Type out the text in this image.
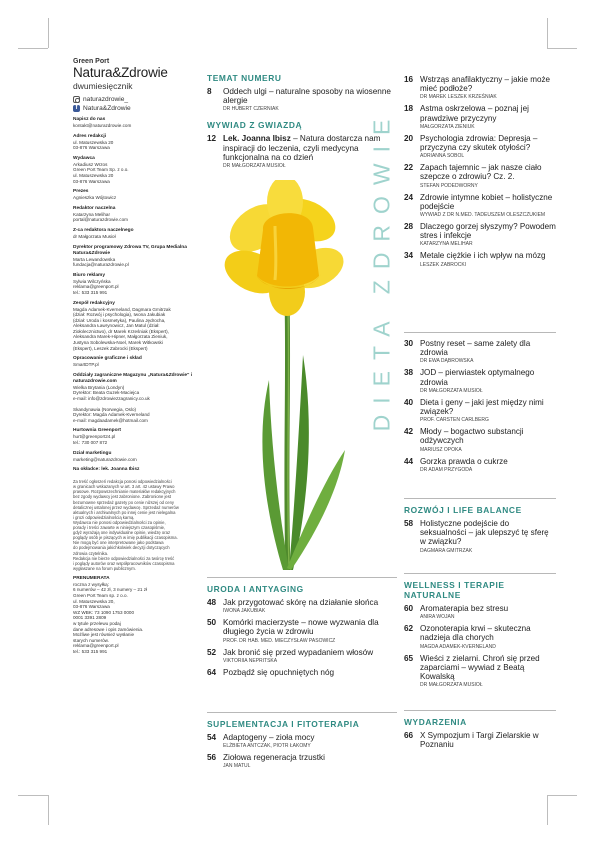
Green Port
Natura&Zdrowie
dwumiesięcznik
naturazdrowie_
f Natura&Zdrowie
Napisz do nas
kontakt@naturazdrowie.com
Adres redakcji
ul. Matuszewska 20
03-876 Warszawa
Wydawca
Arkadiusz Wrzos
Green Port Team Sp. z o.o.
ul. Matuszewska 20
03-876 Warszawa
Prezes
Agnieszka Wójtowicz
Redaktor naczelna
Katarzyna Melihar
portal@naturazdrowie.com
Z-ca redaktora naczelnego
dr Małgorzata Musioł
Dyrektor programowy Zdrowa TV, Grupa Medialna Natura&Zdrowie
Marta Lewandowska
fundacja@naturazdrowie.pl
Biuro reklamy
Sylwia Wilczyńska
reklama@greenport.pl
tel.: 533 315 991
Zespół redakcyjny
Magda Adamek-Kverneland, Dagmara Gmitrzak
(dział: Rozwój i psychologia), Iwona Jakubiak
(dział: Uroda i kosmetyka), Paulina Jędrocha,
Aleksandra Ławrynowicz, Jan Matul (dział:
Ziołolecznictwo), dr Marek Krześniak (Ekspert),
Aleksandra Marek-Hipner, Małgorzata Zieniuk,
Justyna Sobolewska-Noel, Marek Witkowski
(Ekspert), Leszek Zabrocki (Ekspert)
Opracowanie graficzne i skład
SmartDTP.pl
Oddziały zagraniczne Magazynu „Natura&Zdrowie" i naturazdrowie.com
Wielka Brytania (Londyn)
Dyrektor: Beata Guzek-Maciejca
e-mail: info@zdrowiezzagranicy.co.uk
Skandynawia (Norwegia, Oslo)
Dyrektor: Magda Adamek-Kverneland
e-mail: magdaadamek@hotmail.com
Hurtownia Greenport
hurt@greenport24.pl
tel.: 730 007 872
Dział marketingu
marketing@naturazdrowie.com
Na okładce: lek. Joanna Ibisz
Za treść ogłoszeń redakcja ponosi odpowiedzialności
w granicach wskazanych w art. 3 art. 42 ustawy Prawo
prasowe. Rozpowszechnianie materiałów redakcyjnych
bez zgody wydawcy jest zabronione. Zabronione jest
bezumowne sprzedaż gazety po cenie niższej od ceny
detalicznej ustalonej przez wydawcę. Sprzedaż numerów
aktualnych i archiwalnych po innej cenie jest nielegalna
i grozi odpowiedzialnością karną.
Wydawca nie ponosi odpowiedzialności za opinie,
porady i treści zawarte w niniejszym czasopiśmie,
gdyż wyrażają one indywidualne opinie, wiedzę oraz
poglądy osób je piszących w imię publikacji czasopisma.
Nie mogą być one interpretowane jako podstawa
do podejmowania jakichkolwiek decyzji dotyczących
zdrowia czytelnika.
Redakcja nie bierze odpowiedzialności za twórcę treść
i poglądy autorów oraz współpracowników czasopisma
wygłaszane na forum publicznym.
PRENUMERATA
roczna z wysyłką:
6 numerów – 42 zł, 3 numery – 21 zł
Green Port Team sp. z o.o.
ul. Matuszewska 20,
03-876 Warszawa
WZ WBK: 73 1090 1753 0000
0001 3391 2809
w tytule przelewu podaj
dane adresowe i opis zamówienia.
Możliwe jest również wysłanie
starych numerów.
reklama@greenport.pl
tel.: 533 315 991
TEMAT NUMERU
8	Oddech ulgi – naturalne sposoby na wiosenne alergie
DR HUBERT CZERNIAK
WYWIAD Z GWIAZDĄ
12 Lek. Joanna Ibisz – Natura dostarcza nam inspiracji do leczenia, czyli medycyna funkcjonalna na co dzień
DR MAŁGORZATA MUSIOŁ	DIETA ZDROWIE
URODA I ANTYAGING
48 Jak przygotować skórę na działanie słońca
IWONA JAKUBIAK
50 Komórki macierzyste – nowe wyzwania dla długiego życia w zdrowiu
PROF. DR HAB. MED. MIECZYSŁAW PASOWICZ
52 Jak bronić się przed wypadaniem włosów
VIKTORIIA NEPRITSKA
64 Pozbądź się opuchniętych nóg
SUPLEMENTACJA I FITOTERAPIA
54 Adaptogeny – zioła mocy
ELŻBIETA ANTCZAK, PIOTR ŁAKOMY
56 Ziołowa regeneracja trzustki
JAN MATUL
16 Wstrząs anafilaktyczny – jakie może mieć podłoże?
DR MAREK LESZEK KRZEŚNIAK
18 Astma oskrzelowa – poznaj jej prawdziwe przyczyny
MAŁGORZATA ZIENIUK
20 Psychologia zdrowia: Depresja – przyczyna czy skutek otyłości?
ADRIANNA SOBOL
22 Zapach tajemnic – jak nasze ciało szepcze o zdrowiu? Cz. 2.
STEFAN PODEDWORNY
24 Zdrowie intymne kobiet – holistyczne podejście
WYWIAD Z DR N.MED. TADEUSZEM OLESZCZUKIEM
28 Dlaczego gorzej słyszymy? Powodem stres i infekcje
KATARZYNA MELIHAR
34 Metale ciężkie i ich wpływ na mózg
LESZEK ZABROCKI
30 Postny reset – same zalety dla zdrowia
DR EWA DĄBROWSKA
38 JOD – pierwiastek optymalnego zdrowia
DR MAŁGORZATA MUSIOŁ
40 Dieta i geny – jaki jest między nimi związek?
PROF. CARSTEN CARLBERG
42 Młody – bogactwo substancji odżywczych
MARIUSZ OPOKA
44 Gorzka prawda o cukrze
DR ADAM PRZYGODA
ROZWÓJ I LIFE BALANCE
58 Holistyczne podejście do seksualności – jak ulepszyć tę sferę w związku?
DAGMARA GMITRZAK
WELLNESS I TERAPIE NATURALNE
60 Aromaterapia bez stresu
ANIRA WOJAN
62 Ozonoterapia krwi – skuteczna nadzieja dla chorych
MAGDA ADAMEK-KVERNELAND
65 Wieści z zielarni. Chroń się przed zaparciami – wywiad z Beatą Kowalską
DR MAŁGORZATA MUSIOŁ
WYDARZENIA
66 X Sympozjum i Targi Zielarskie w Poznaniu
